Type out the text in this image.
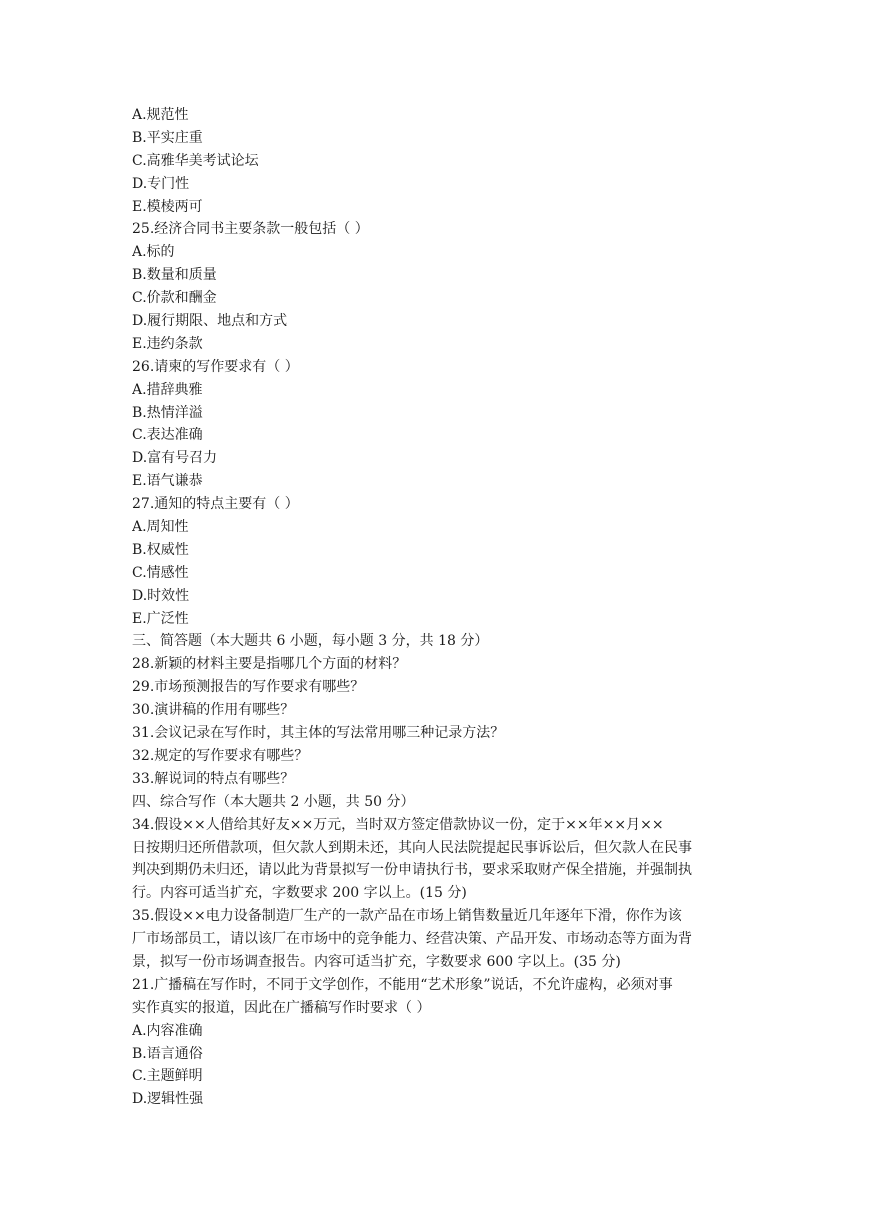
A.规范性
B.平实庄重
C.高雅华美考试论坛
D.专门性
E.模棱两可
25.经济合同书主要条款一般包括（ ）
A.标的
B.数量和质量
C.价款和酬金
D.履行期限、地点和方式
E.违约条款
26.请柬的写作要求有（ ）
A.措辞典雅
B.热情洋溢
C.表达准确
D.富有号召力
E.语气谦恭
27.通知的特点主要有（ ）
A.周知性
B.权威性
C.情感性
D.时效性
E.广泛性
三、简答题（本大题共 6 小题，每小题 3 分，共 18 分）
28.新颖的材料主要是指哪几个方面的材料？
29.市场预测报告的写作要求有哪些？
30.演讲稿的作用有哪些？
31.会议记录在写作时，其主体的写法常用哪三种记录方法？
32.规定的写作要求有哪些？
33.解说词的特点有哪些？
四、综合写作（本大题共 2 小题，共 50 分）
34.假设××人借给其好友××万元，当时双方签定借款协议一份，定于××年××月××
日按期归还所借款项，但欠款人到期未还，其向人民法院提起民事诉讼后，但欠款人在民事
判决到期仍未归还，请以此为背景拟写一份申请执行书，要求采取财产保全措施，并强制执
行。内容可适当扩充，字数要求 200 字以上。(15 分)
35.假设××电力设备制造厂生产的一款产品在市场上销售数量近几年逐年下滑，你作为该
厂市场部员工，请以该厂在市场中的竞争能力、经营决策、产品开发、市场动态等方面为背
景，拟写一份市场调查报告。内容可适当扩充，字数要求 600 字以上。(35 分)
21.广播稿在写作时，不同于文学创作，不能用“艺术形象”说话，不允许虚构，必须对事
实作真实的报道，因此在广播稿写作时要求（ ）
A.内容准确
B.语言通俗
C.主题鲜明
D.逻辑性强
